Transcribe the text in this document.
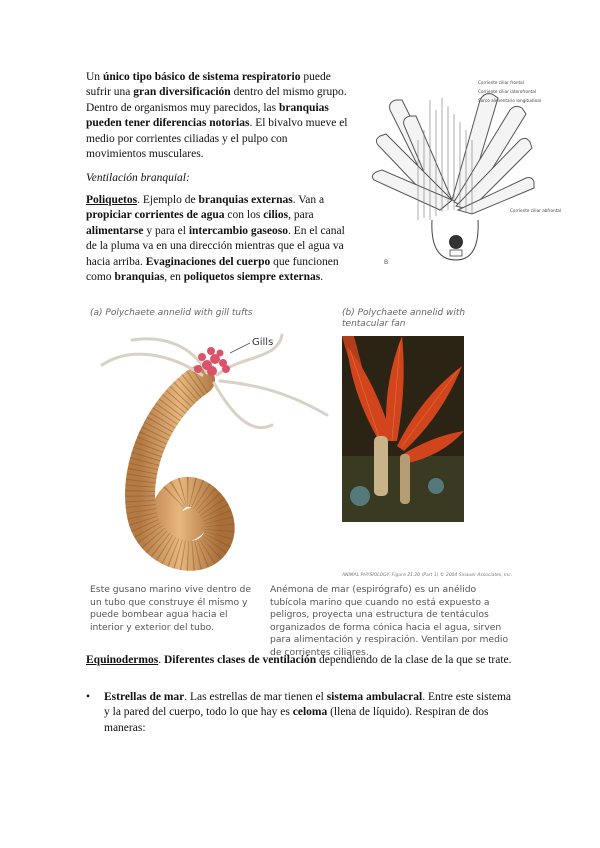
Un único tipo básico de sistema respiratorio puede sufrir una gran diversificación dentro del mismo grupo. Dentro de organismos muy parecidos, las branquias pueden tener diferencias notorias. El bivalvo mueve el medio por corrientes ciliadas y el pulpo con movimientos musculares.
Ventilación branquial:
Poliquetos. Ejemplo de branquias externas. Van a propiciar corrientes de agua con los cilios, para alimentarse y para el intercambio gaseoso. En el canal de la pluma va en una dirección mientras que el agua va hacia arriba. Evaginaciones del cuerpo que funcionen como branquias, en poliquetos siempre externas.
Corriente ciliar frontal
Corriente ciliar laterofrontal
Surco alimentario longitudinal
Corriente ciliar abfrontal
B
(a) Polychaete annelid with gill tufts
Gills
(b) Polychaete annelid with tentacular fan
ANIMAL PHYSIOLOGY, Figure 21.20 (Part 1) © 2004 Sinauer Associates, Inc.
Este gusano marino vive dentro de un tubo que construye él mismo y puede bombear agua hacia el interior y exterior del tubo.
Anémona de mar (espirógrafo) es un anélido tubícola marino que cuando no está expuesto a peligros, proyecta una estructura de tentáculos organizados de forma cónica hacia el agua, sirven para alimentación y respiración. Ventilan por medio de corrientes ciliares.
Equinodermos. Diferentes clases de ventilación dependiendo de la clase de la que se trate.
• Estrellas de mar. Las estrellas de mar tienen el sistema ambulacral. Entre este sistema y la pared del cuerpo, todo lo que hay es celoma (llena de líquido). Respiran de dos maneras:
